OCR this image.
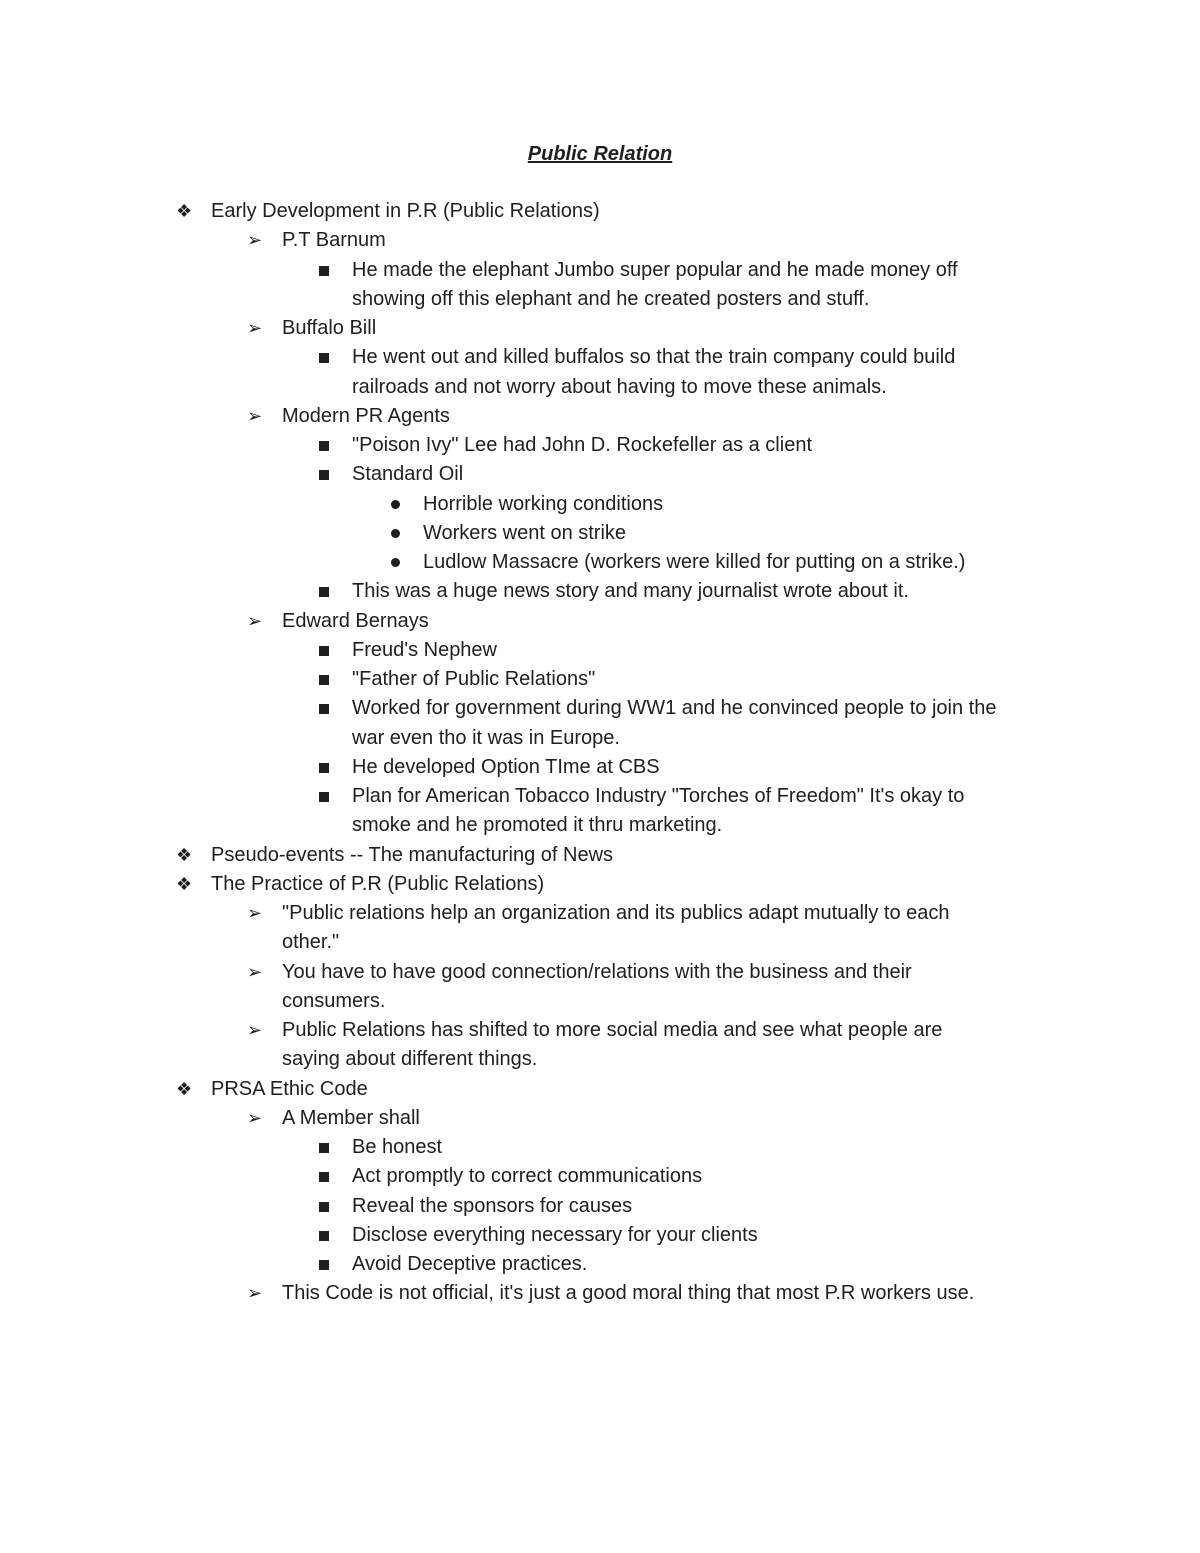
Public Relation
❖ Early Development in P.R (Public Relations)
➢ P.T Barnum
He made the elephant Jumbo super popular and he made money off
showing off this elephant and he created posters and stuff.
➢ Buffalo Bill
He went out and killed buffalos so that the train company could build
railroads and not worry about having to move these animals.
➢ Modern PR Agents
"Poison Ivy" Lee had John D. Rockefeller as a client
Standard Oil
Horrible working conditions
Workers went on strike
Ludlow Massacre (workers were killed for putting on a strike.)
This was a huge news story and many journalist wrote about it.
➢ Edward Bernays
Freud's Nephew
"Father of Public Relations"
Worked for government during WW1 and he convinced people to join the
war even tho it was in Europe.
He developed Option TIme at CBS
Plan for American Tobacco Industry "Torches of Freedom" It's okay to
smoke and he promoted it thru marketing.
❖ Pseudo-events -- The manufacturing of News
❖ The Practice of P.R (Public Relations)
➢ "Public relations help an organization and its publics adapt mutually to each
other."
➢ You have to have good connection/relations with the business and their
consumers.
➢ Public Relations has shifted to more social media and see what people are
saying about different things.
❖ PRSA Ethic Code
➢ A Member shall
Be honest
Act promptly to correct communications
Reveal the sponsors for causes
Disclose everything necessary for your clients
Avoid Deceptive practices.
➢ This Code is not official, it's just a good moral thing that most P.R workers use.
